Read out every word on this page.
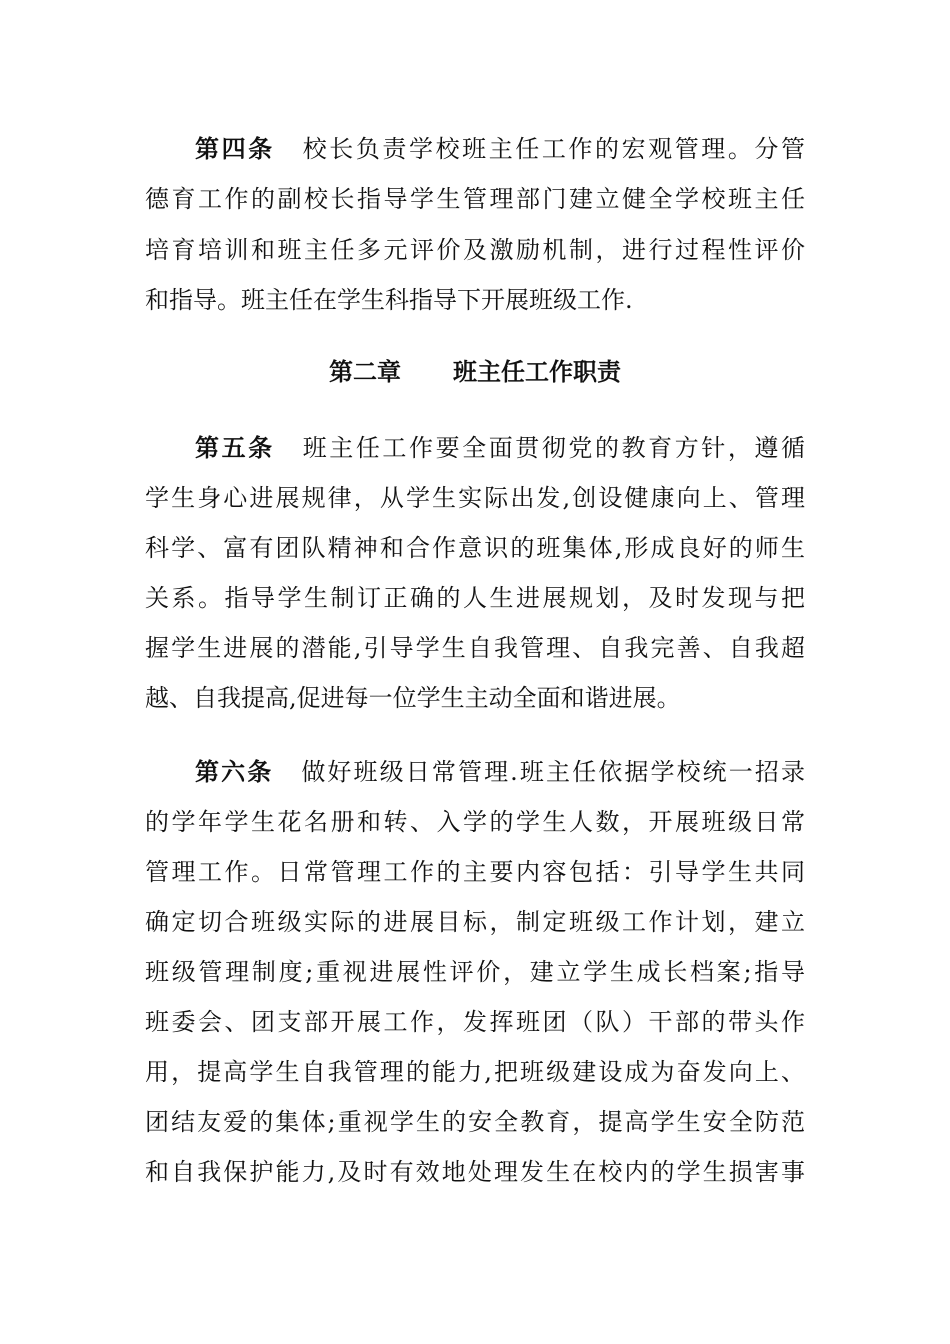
第四条 校长负责学校班主任工作的宏观管理。分管
德育工作的副校长指导学生管理部门建立健全学校班主任
培育培训和班主任多元评价及激励机制，进行过程性评价
和指导。班主任在学生科指导下开展班级工作.
第二章 班主任工作职责
第五条 班主任工作要全面贯彻党的教育方针，遵循
学生身心进展规律，从学生实际出发,创设健康向上、管理
科学、富有团队精神和合作意识的班集体,形成良好的师生
关系。指导学生制订正确的人生进展规划，及时发现与把
握学生进展的潜能,引导学生自我管理、自我完善、自我超
越、自我提高,促进每一位学生主动全面和谐进展。
第六条 做好班级日常管理.班主任依据学校统一招录
的学年学生花名册和转、入学的学生人数，开展班级日常
管理工作。日常管理工作的主要内容包括：引导学生共同
确定切合班级实际的进展目标，制定班级工作计划，建立
班级管理制度;重视进展性评价，建立学生成长档案;指导
班委会、团支部开展工作，发挥班团（队）干部的带头作
用，提高学生自我管理的能力,把班级建设成为奋发向上、
团结友爱的集体;重视学生的安全教育，提高学生安全防范
和自我保护能力,及时有效地处理发生在校内的学生损害事
